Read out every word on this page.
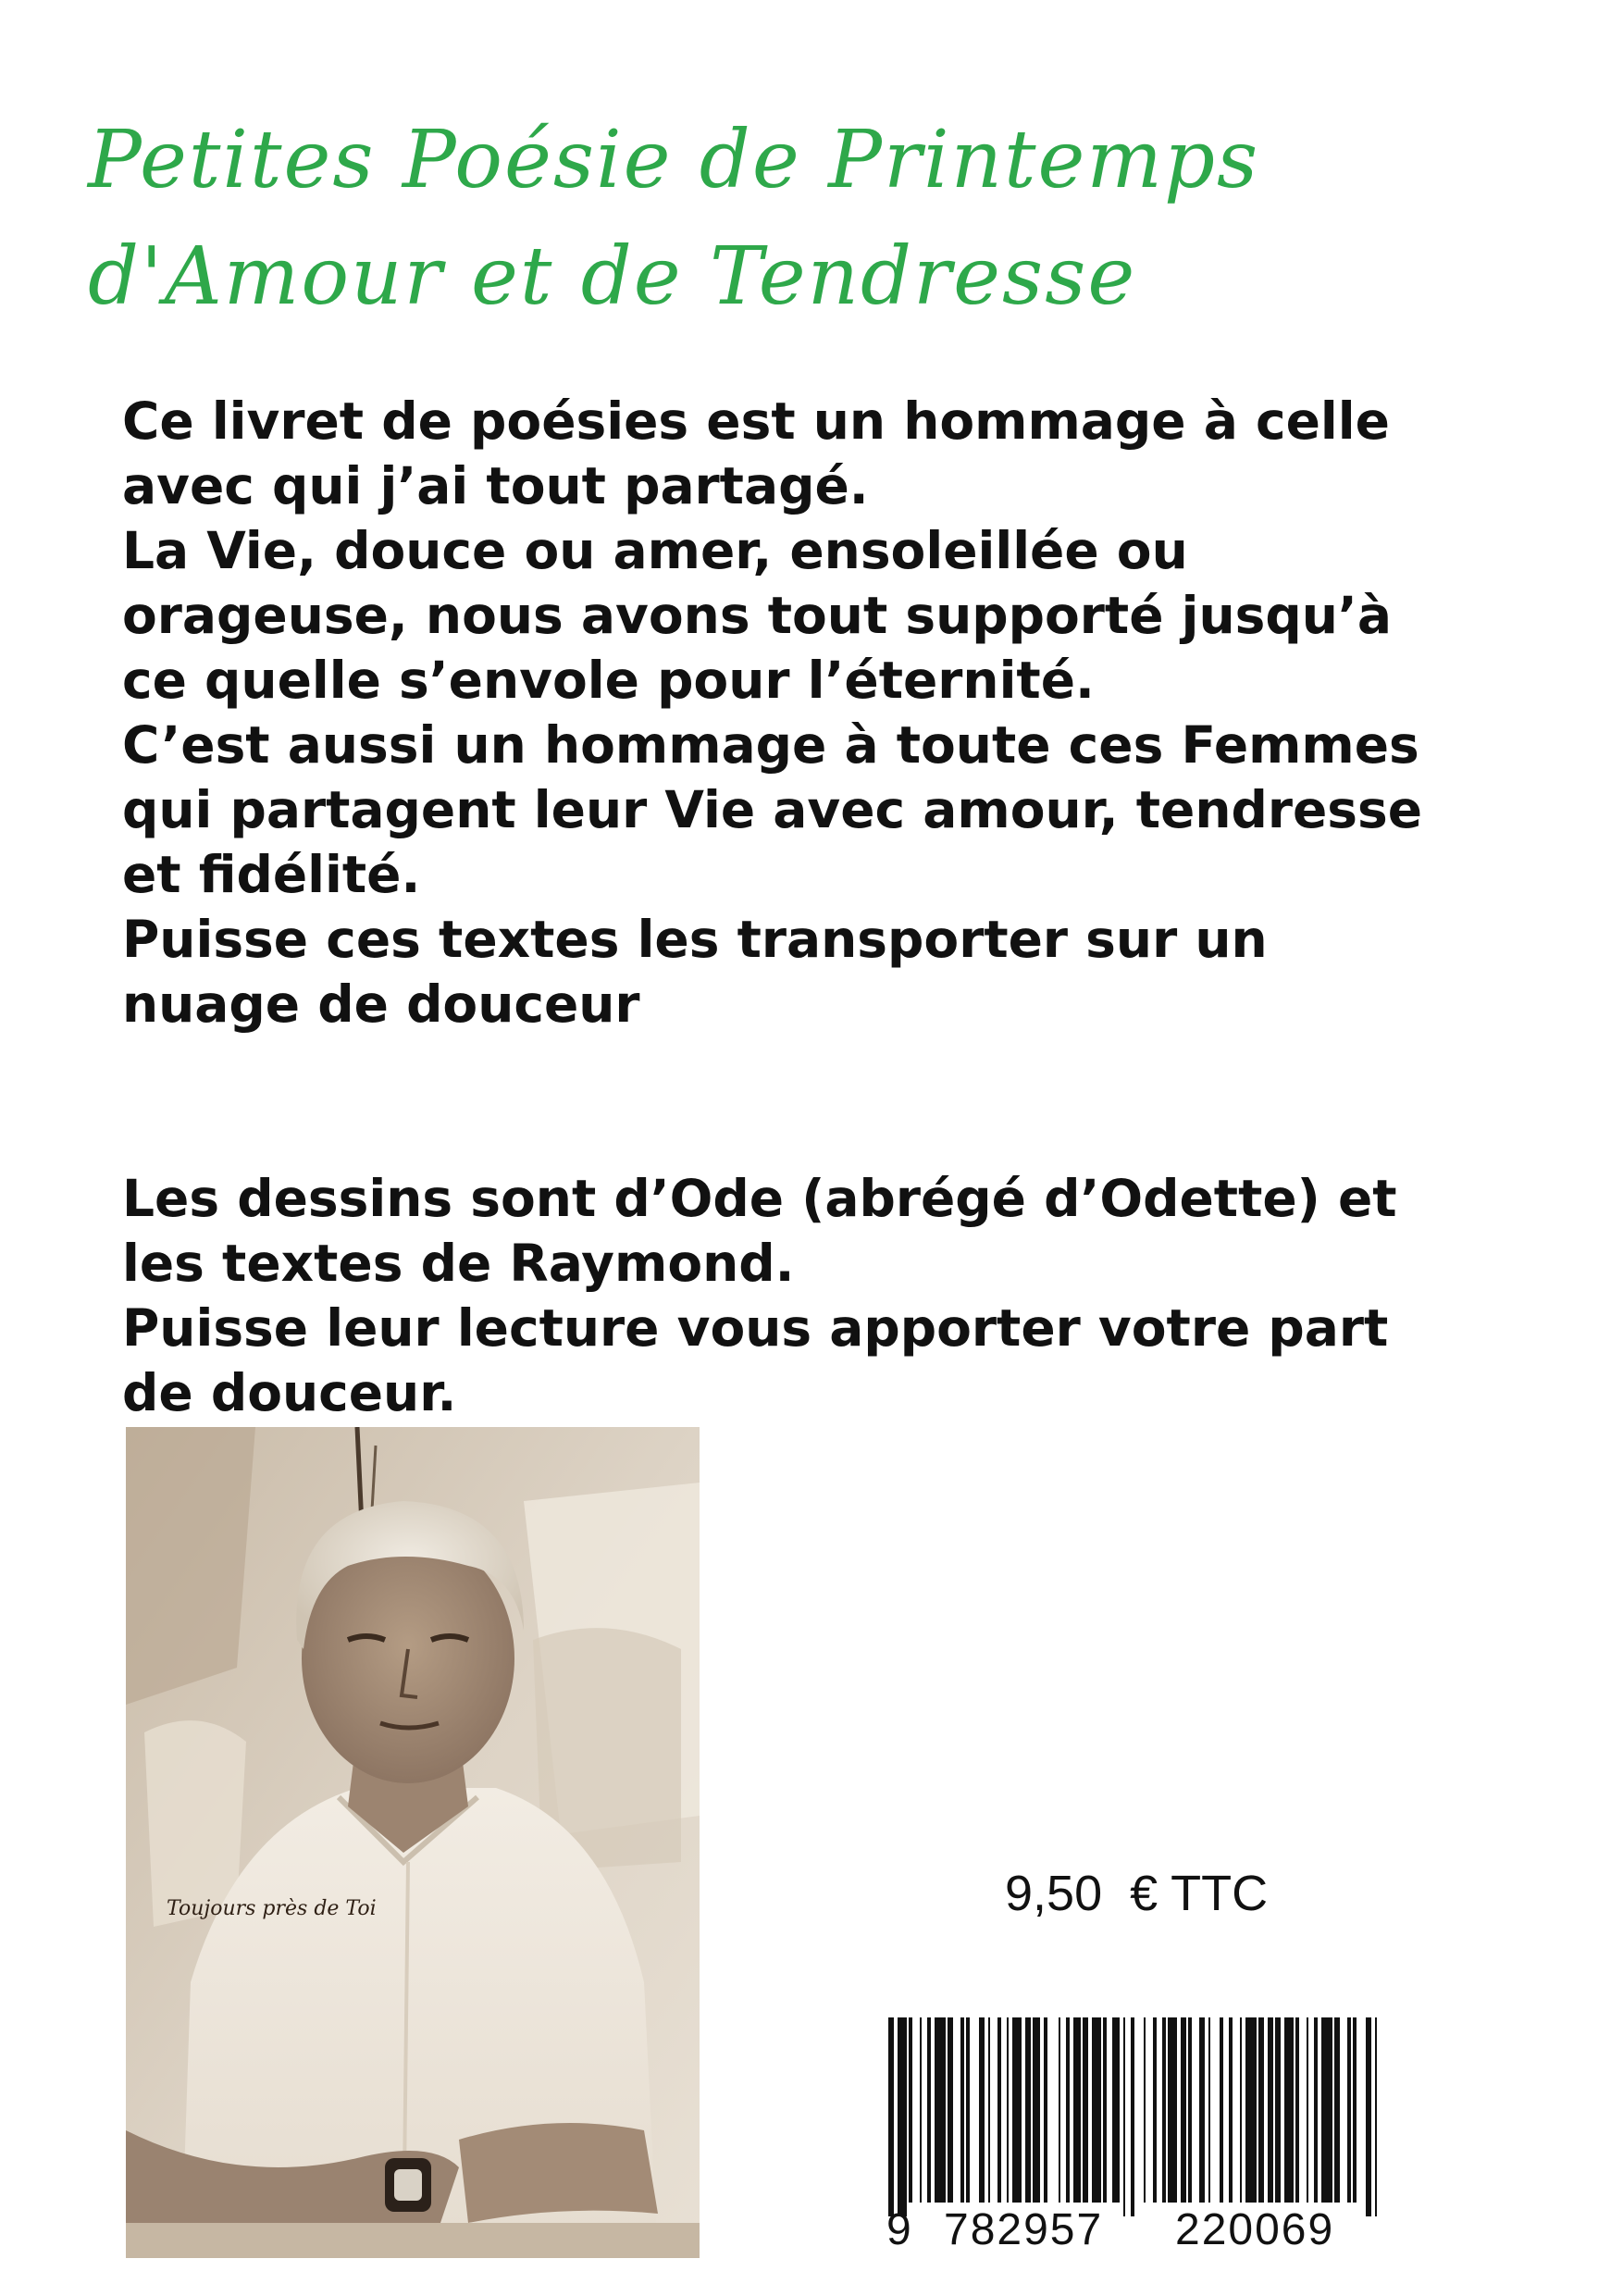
Petites Poésie de Printemps
d'Amour et de Tendresse
Ce livret de poésies est un hommage à celle
avec qui j’ai tout partagé.
La Vie, douce ou amer, ensoleillée ou
orageuse, nous avons tout supporté jusqu’à
ce quelle s’envole pour l’éternité.
C’est aussi un hommage à toute ces Femmes
qui partagent leur Vie avec amour, tendresse
et fidélité.
Puisse ces textes les transporter sur un
nuage de douceur
Les dessins sont d’Ode (abrégé d’Odette) et
les textes de Raymond.
Puisse leur lecture vous apporter votre part
de douceur.
Toujours près de Toi	9,50  € TTC
9 782957 220069
